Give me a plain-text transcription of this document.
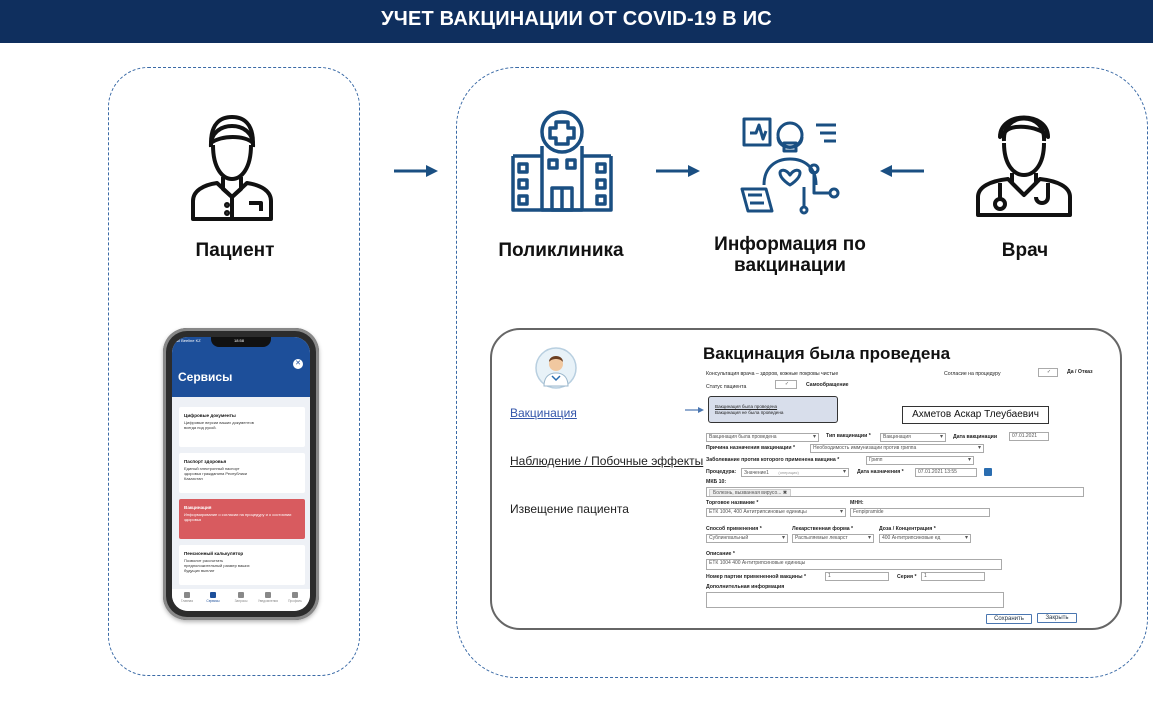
УЧЕТ ВАКЦИНАЦИИ ОТ COVID-19 В ИС
Пациент	Поликлиника	Информация по вакцинации
Врач
all Beeline KZ	18:58
Сервисы
✕
Цифровые документы
Цифровые версии ваших документов всегда под рукой.
Паспорт здоровья
Единый электронный паспорт здоровья гражданина Республики Казахстан
Вакцинация
Информирование о согласии на процедуру и о состоянии здоровья
Пенсионный калькулятор
Позволит рассчитать предположительный размер ваших будущих выплат
Главная	Сервисы	Запросы	Уведомления	Профиль
Вакцинация была проведена
Консультация врача – здоров, кожные покровы чистые	Согласие на процедуру	✓	Да / Отказ
Статус пациента	✓	Самообращение
Вакцинация
Наблюдение / Побочные эффекты
Извещение пациента
Вакцинация была проведена
Вакцинация не была проведена	Ахметов Аскар Тлеубаевич
Вакцинация была проведена ▾	Тип вакцинации *	Вакцинация ▾	Дата вакцинации	07.01.2021
Причина назначения вакцинации *	Необходимость иммунизации против гриппа ▾
Заболевание против которого применена вакцина *	Грипп ▾
Процедура:	Значение1 (операция) ▾	Дата назначения *	07.01.2021 13:55
МКБ 10:
Болезнь, вызванная вирусо... ✖
Торговое название *	МНН:
ЕТК 1004, 400 Антитрипсиновые единицы ▾	Fenpipramide
Способ применения *	Лекарственная форма *	Доза / Концентрация *
Сублингвальный ▾	Распыляемые лекарст ▾	400 Антитрипсиновые ед ▾
Описание *
ЕТК 1004 400 Антитрипсиновые единицы
Номер партии примененной вакцины *	1	Серия *	1
Дополнительная информация
Сохранить	Закрыть
